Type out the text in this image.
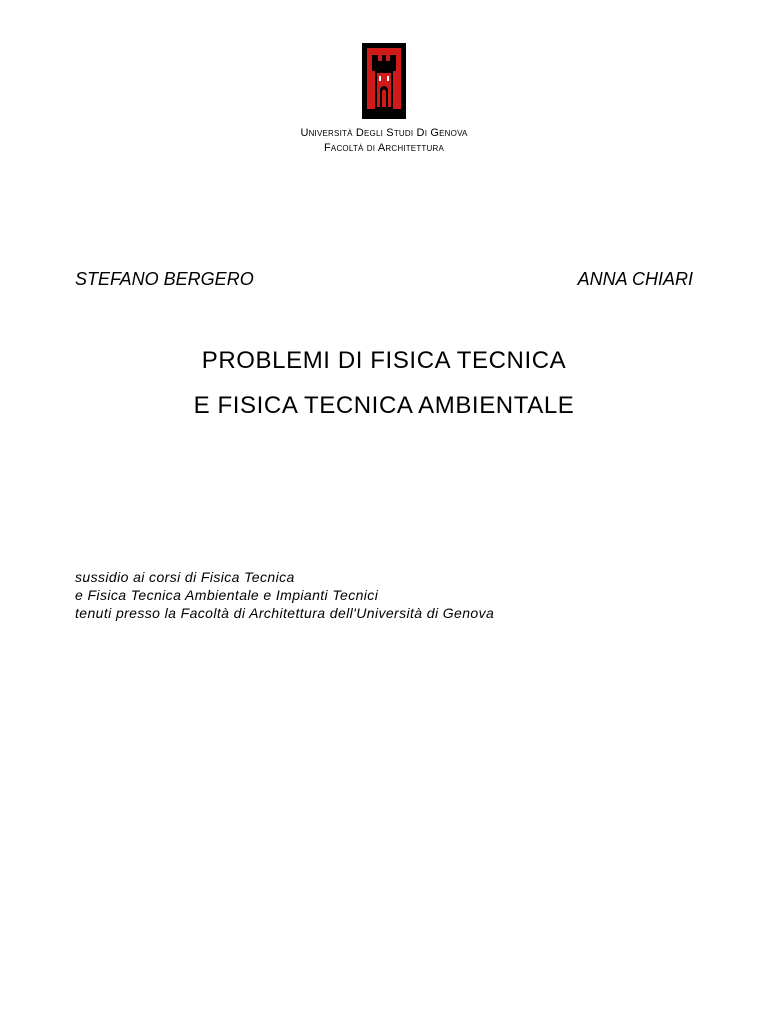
Università Degli Studi Di Genova
Facoltà di Architettura
STEFANO BERGERO	ANNA CHIARI
PROBLEMI DI FISICA TECNICA
E FISICA TECNICA AMBIENTALE
sussidio ai corsi di Fisica Tecnica
e Fisica Tecnica Ambientale e Impianti Tecnici
tenuti presso la Facoltà di Architettura dell'Università di Genova
